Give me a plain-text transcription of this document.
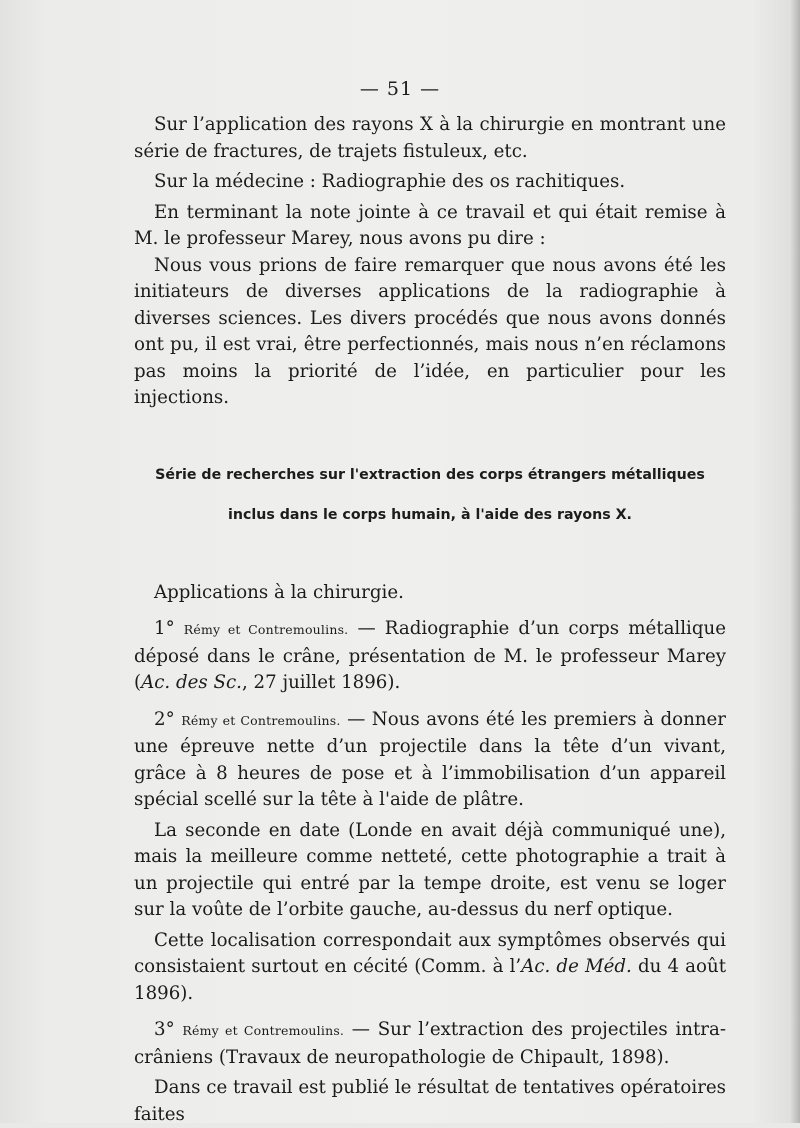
— 51 —

Sur l’application des rayons X à la chirurgie en montrant une série de fractures, de trajets fistuleux, etc.

Sur la médecine : Radiographie des os rachitiques.

En terminant la note jointe à ce travail et qui était remise à M. le professeur Marey, nous avons pu dire :

Nous vous prions de faire remarquer que nous avons été les initiateurs de diverses applications de la radiographie à diverses sciences. Les divers procédés que nous avons donnés ont pu, il est vrai, être perfectionnés, mais nous n’en réclamons pas moins la priorité de l’idée, en particulier pour les injections.

Série de recherches sur l'extraction des corps étrangers métalliques
inclus dans le corps humain, à l'aide des rayons X.

Applications à la chirurgie.

1° Rémy et Contremoulins. — Radiographie d’un corps métallique déposé dans le crâne, présentation de M. le professeur Marey (Ac. des Sc., 27 juillet 1896).

2° Rémy et Contremoulins. — Nous avons été les premiers à donner une épreuve nette d’un projectile dans la tête d’un vivant, grâce à 8 heures de pose et à l’immobilisation d’un appareil spécial scellé sur la tête à l'aide de plâtre.

La seconde en date (Londe en avait déjà communiqué une), mais la meilleure comme netteté, cette photographie a trait à un projectile qui entré par la tempe droite, est venu se loger sur la voûte de l’orbite gauche, au-dessus du nerf optique.

Cette localisation correspondait aux symptômes observés qui consistaient surtout en cécité (Comm. à l’Ac. de Méd. du 4 août 1896).

3° Rémy et Contremoulins. — Sur l’extraction des projectiles intra-crâniens (Travaux de neuropathologie de Chipault, 1898).

Dans ce travail est publié le résultat de tentatives opératoires faites
